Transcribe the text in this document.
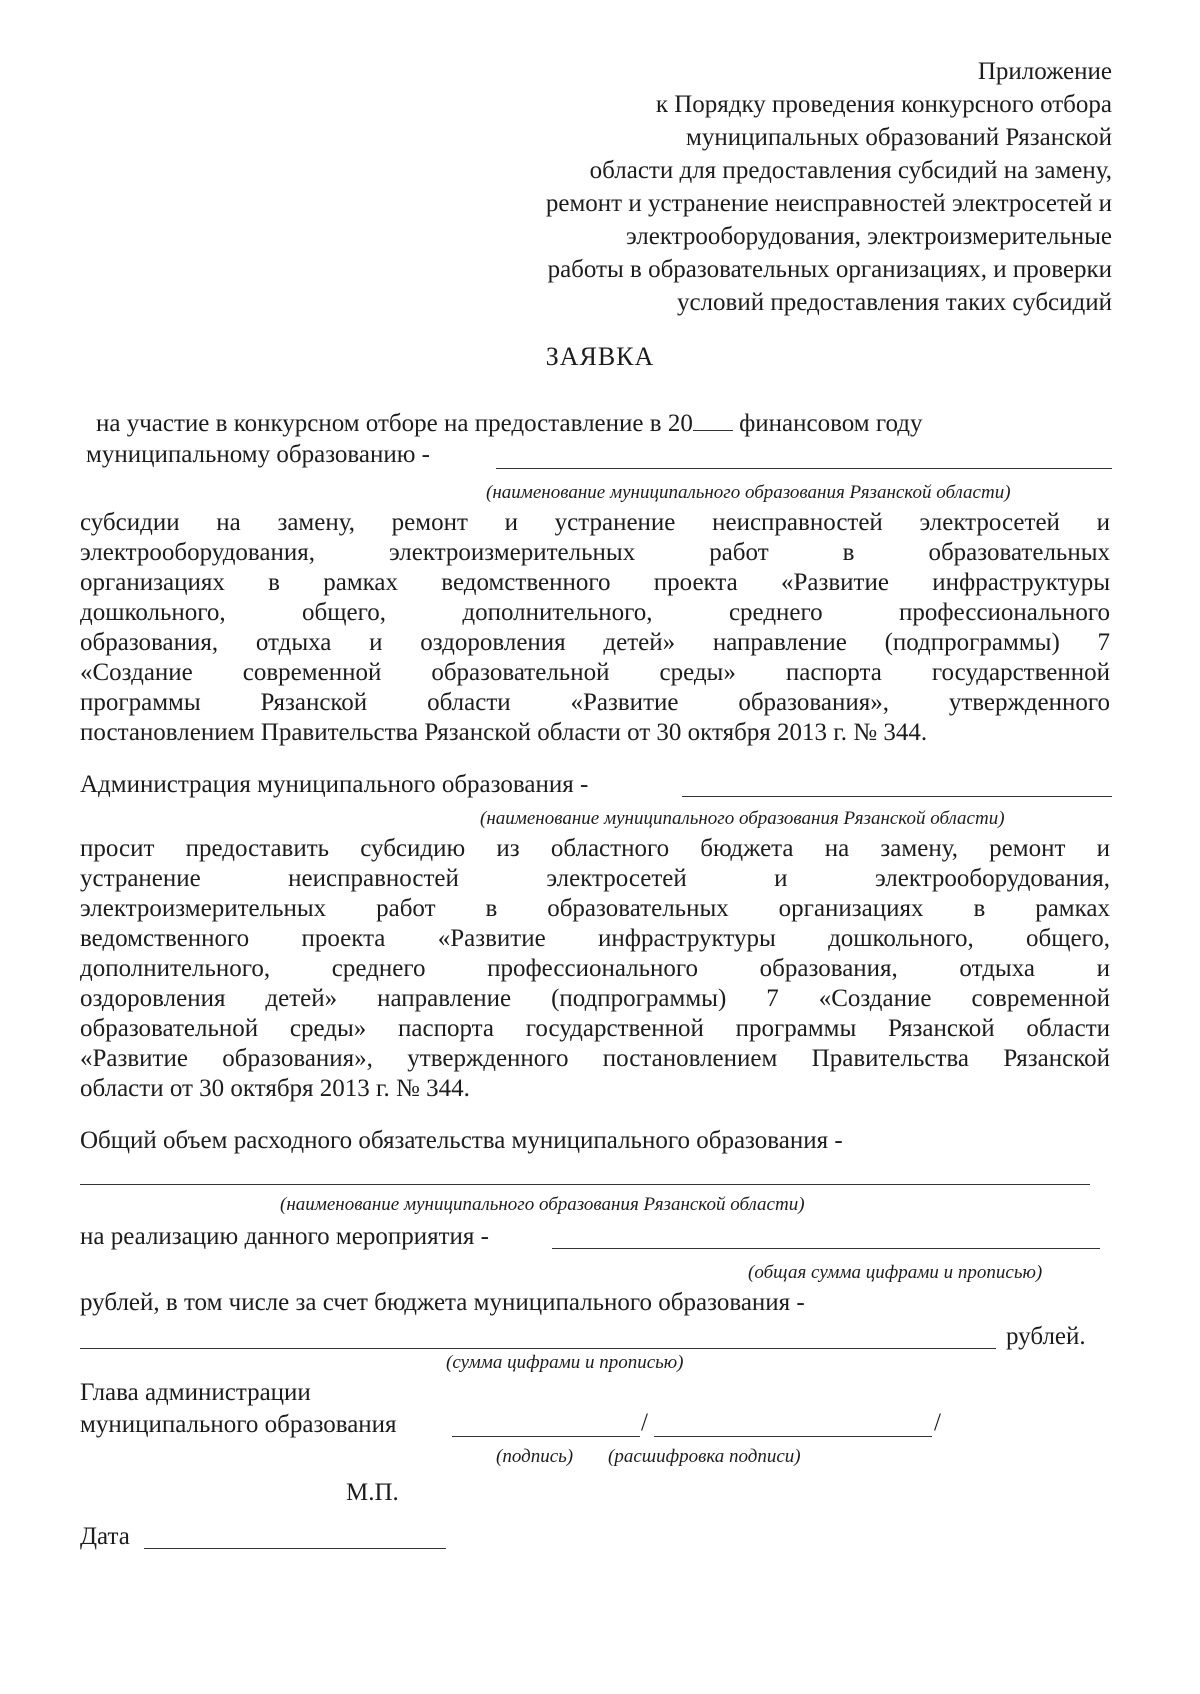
Приложение
к Порядку проведения конкурсного отбора
муниципальных образований Рязанской
области для предоставления субсидий на замену,
ремонт и устранение неисправностей электросетей и
электрооборудования, электроизмерительные
работы в образовательных организациях, и проверки
условий предоставления таких субсидий
ЗАЯВКА
на участие в конкурсном отборе на предоставление в 20 финансовом году
муниципальному образованию -
(наименование муниципального образования Рязанской области)
субсидии на замену, ремонт и устранение неисправностей электросетей и
электрооборудования, электроизмерительных работ в образовательных
организациях в рамках ведомственного проекта «Развитие инфраструктуры
дошкольного, общего, дополнительного, среднего профессионального
образования, отдыха и оздоровления детей» направление (подпрограммы) 7
«Создание современной образовательной среды» паспорта государственной
программы Рязанской области «Развитие образования», утвержденного
постановлением Правительства Рязанской области от 30 октября 2013 г. № 344.
Администрация муниципального образования -
(наименование муниципального образования Рязанской области)
просит предоставить субсидию из областного бюджета на замену, ремонт и
устранение неисправностей электросетей и электрооборудования,
электроизмерительных работ в образовательных организациях в рамках
ведомственного проекта «Развитие инфраструктуры дошкольного, общего,
дополнительного, среднего профессионального образования, отдыха и
оздоровления детей» направление (подпрограммы) 7 «Создание современной
образовательной среды» паспорта государственной программы Рязанской области
«Развитие образования», утвержденного постановлением Правительства Рязанской
области от 30 октября 2013 г. № 344.
Общий объем расходного обязательства муниципального образования -
(наименование муниципального образования Рязанской области)
на реализацию данного мероприятия -
(общая сумма цифрами и прописью)
рублей, в том числе за счет бюджета муниципального образования -
рублей.
(сумма цифрами и прописью)
Глава администрации
муниципального образования	/	/
(подпись) (расшифровка подписи)
М.П.
Дата
